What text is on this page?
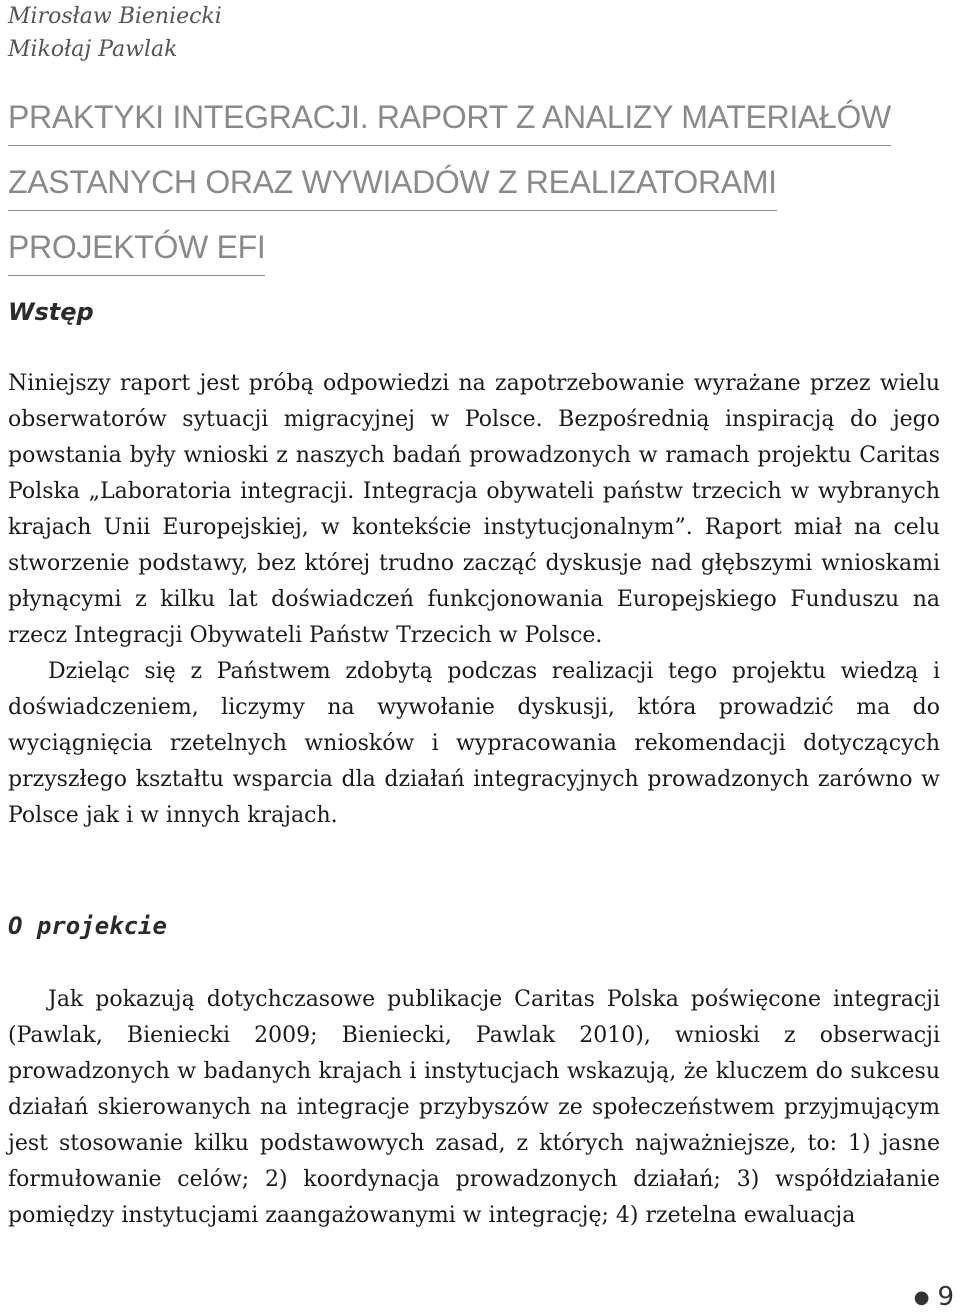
Mirosław Bieniecki
Mikołaj Pawlak
PRAKTYKI INTEGRACJI. RAPORT Z ANALIZY MATERIAŁÓW
ZASTANYCH ORAZ WYWIADÓW Z REALIZATORAMI
PROJEKTÓW EFI
Wstęp

Niniejszy raport jest próbą odpowiedzi na zapotrzebowanie wyrażane przez wielu obserwatorów sytuacji migracyjnej w Polsce. Bezpośrednią inspiracją do jego powstania były wnioski z naszych badań prowadzonych w ramach projektu Caritas Polska „Laboratoria integracji. Integracja obywateli państw trzecich w wybranych krajach Unii Europejskiej, w kontekście instytucjonalnym”. Raport miał na celu stworzenie podstawy, bez której trudno zacząć dyskusje nad głębszymi wnioskami płynącymi z kilku lat doświadczeń funkcjonowania Europejskiego Funduszu na rzecz Integracji Obywateli Państw Trzecich w Polsce.

Dzieląc się z Państwem zdobytą podczas realizacji tego projektu wiedzą i doświadczeniem, liczymy na wywołanie dyskusji, która prowadzić ma do wyciągnięcia rzetelnych wniosków i wypracowania rekomendacji dotyczących przyszłego kształtu wsparcia dla działań integracyjnych prowadzonych zarówno w Polsce jak i w innych krajach.

O projekcie

Jak pokazują dotychczasowe publikacje Caritas Polska poświęcone integracji (Pawlak, Bieniecki 2009; Bieniecki, Pawlak 2010), wnioski z obserwacji prowadzonych w badanych krajach i instytucjach wskazują, że kluczem do sukcesu działań skierowanych na integracje przybyszów ze społeczeństwem przyjmującym jest stosowanie kilku podstawowych zasad, z których najważniejsze, to: 1) jasne formułowanie celów; 2) koordynacja prowadzonych działań; 3) współdziałanie pomiędzy instytucjami zaangażowanymi w integrację; 4) rzetelna ewaluacja

● 9
